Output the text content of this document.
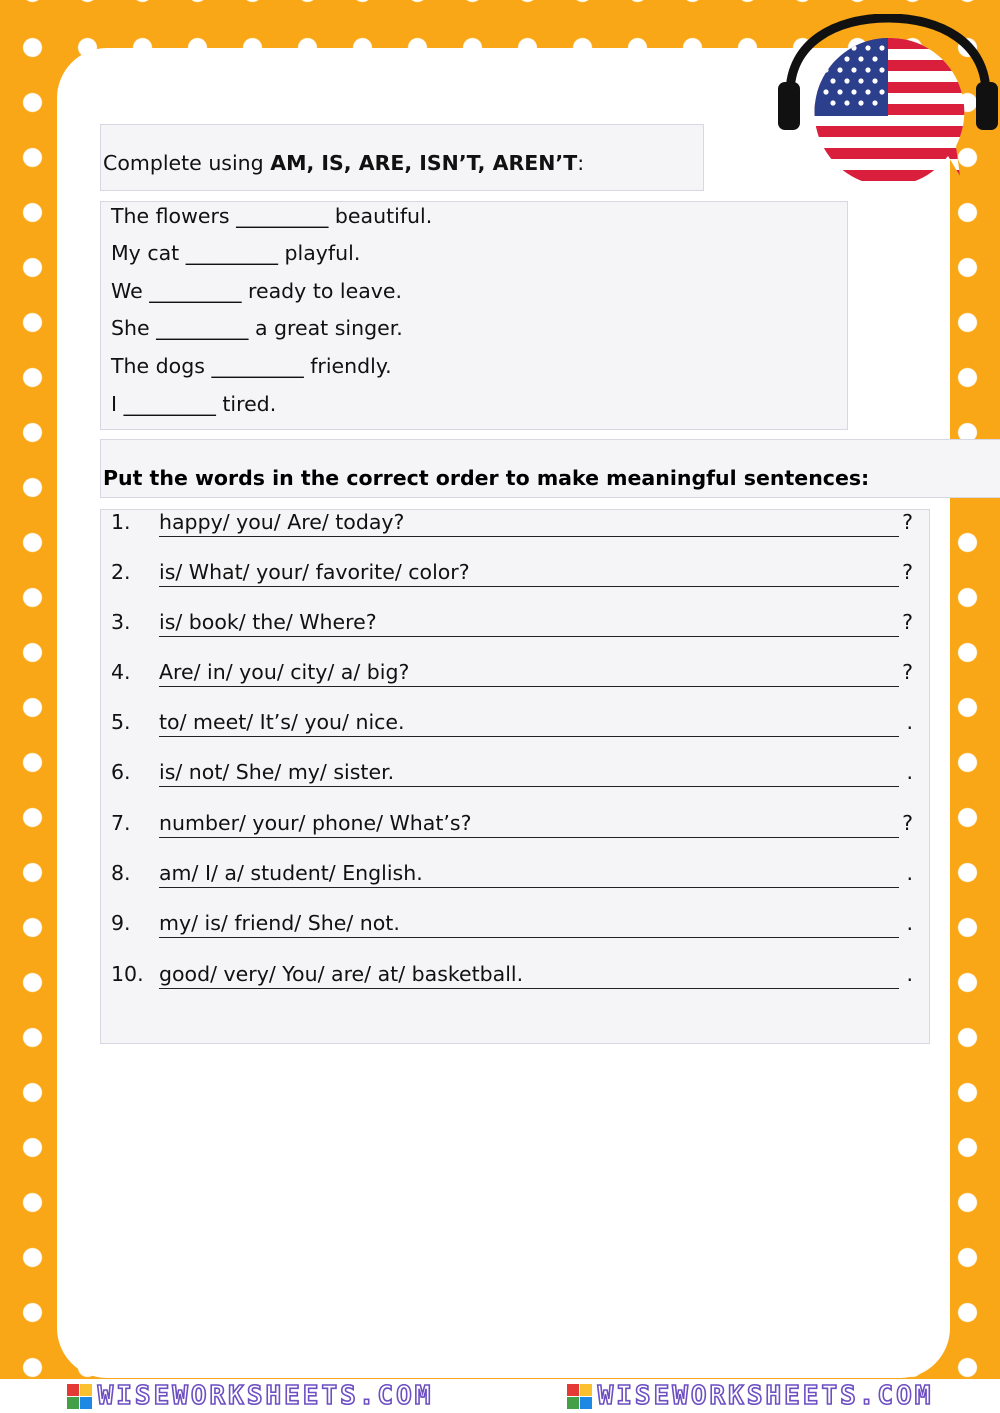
Complete using AM, IS, ARE, ISN’T, AREN’T:
The flowers _________ beautiful.
My cat _________ playful.
We _________ ready to leave.
She _________ a great singer.
The dogs _________ friendly.
I _________ tired.
Put the words in the correct order to make meaningful sentences:
1. happy/ you/ Are/ today?	?
2. is/ What/ your/ favorite/ color?	?
3. is/ book/ the/ Where?	?
4. Are/ in/ you/ city/ a/ big?	?
5. to/ meet/ It’s/ you/ nice.	.
6. is/ not/ She/ my/ sister.	.
7. number/ your/ phone/ What’s?	?
8. am/ I/ a/ student/ English.	.
9. my/ is/ friend/ She/ not.	.
10. good/ very/ You/ are/ at/ basketball.	.
WISEWORKSHEETS.COM	WISEWORKSHEETS.COM
